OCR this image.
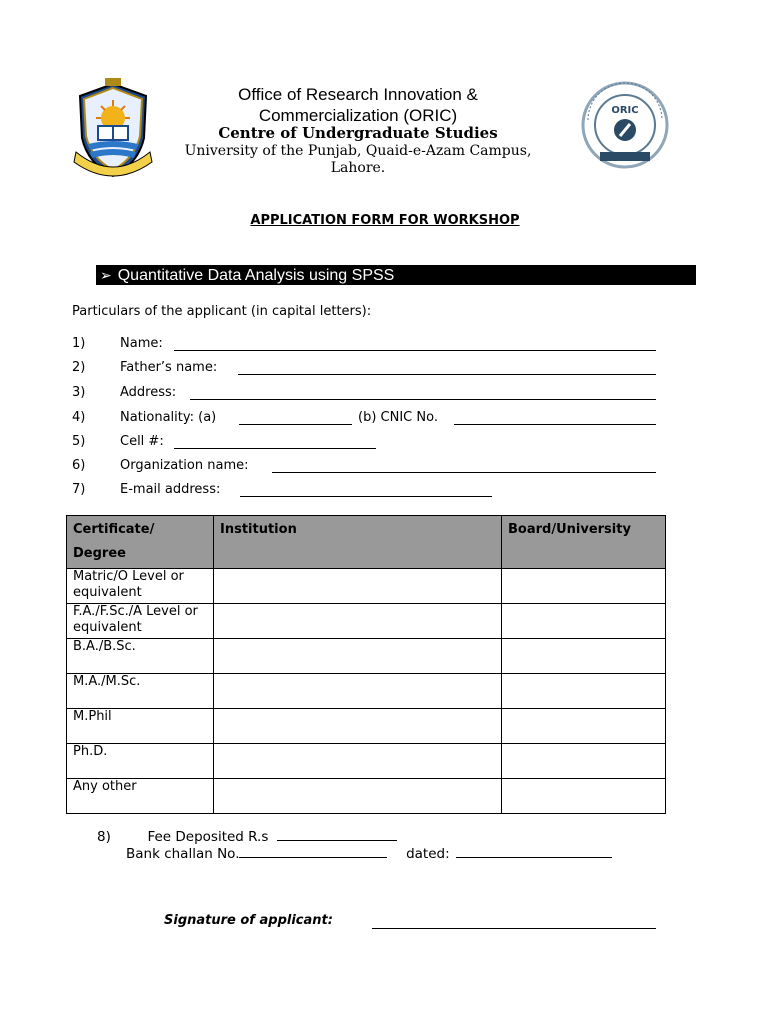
ORIC
Office of Research Innovation &
Commercialization (ORIC)
Centre of Undergraduate Studies
University of the Punjab, Quaid-e-Azam Campus,
Lahore.
APPLICATION FORM FOR WORKSHOP
➢ Quantitative Data Analysis using SPSS
Particulars of the applicant (in capital letters):
1)	Name:
2)	Father’s name:
3)	Address:
4)	Nationality: (a)	(b) CNIC No.
5)	Cell #:
6)	Organization name:
7)	E-mail address:
Certificate/ Degree	Institution	Board/University
Matric/O Level or equivalent		
F.A./F.Sc./A Level or equivalent		
B.A./B.Sc.		
M.A./M.Sc.		
M.Phil		
Ph.D.		
Any other		
8)	Fee Deposited R.s
Bank challan No.	dated:
Signature of applicant:
